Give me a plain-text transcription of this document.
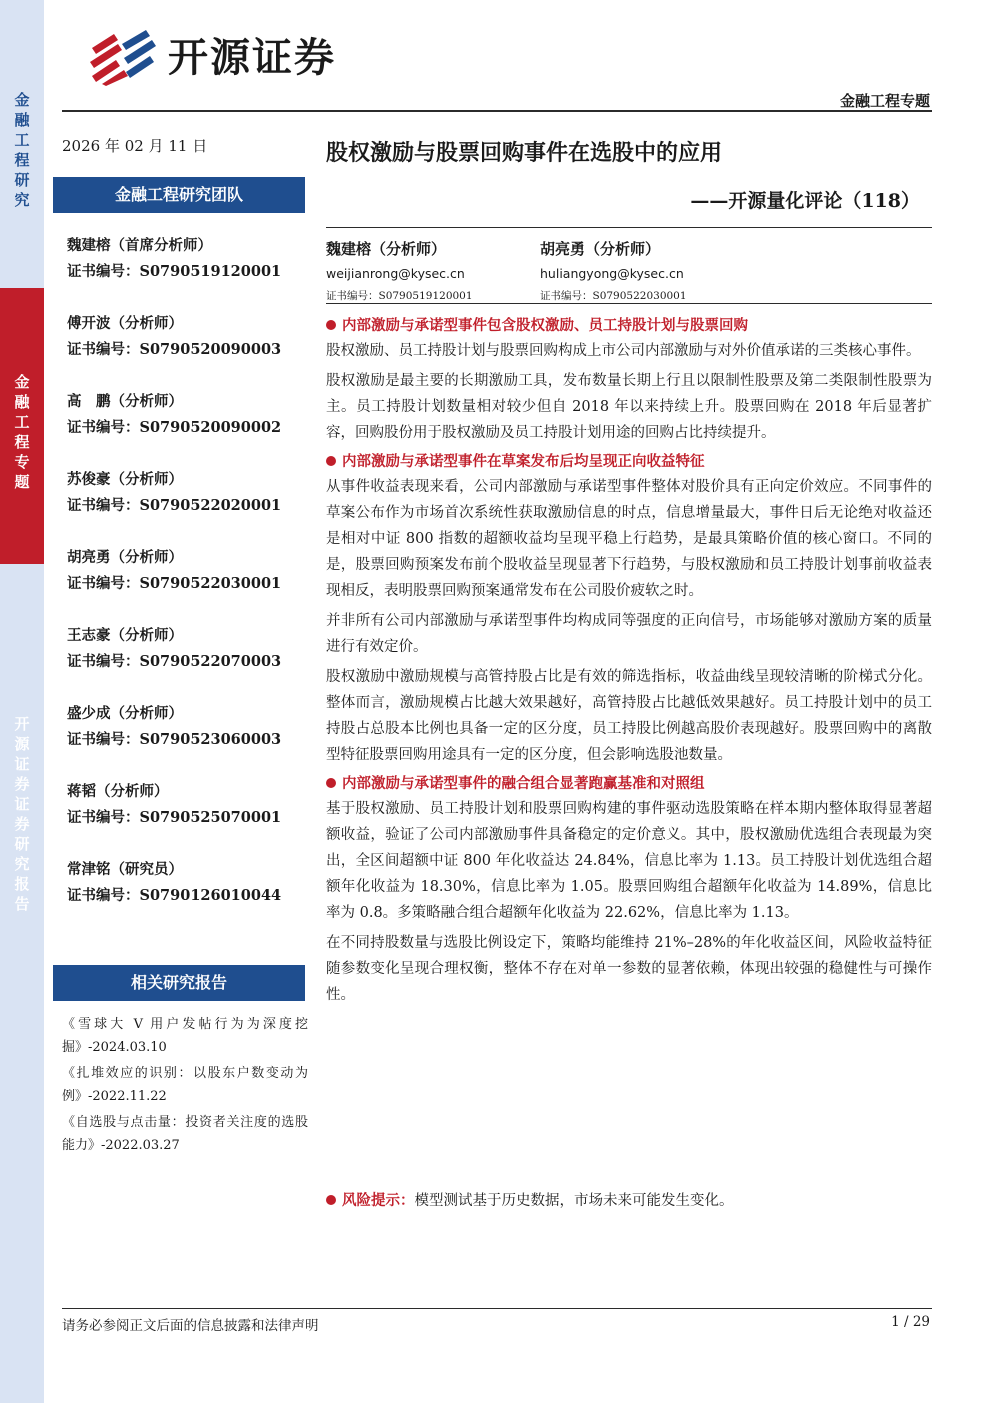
金融工程研究
金融工程专题
开源证券 证券研究报告
开源证券
金融工程专题
2026 年 02 月 11 日
金融工程研究团队
魏建榕（首席分析师）
证书编号：S0790519120001
傅开波（分析师）
证书编号：S0790520090003
高　鹏（分析师）
证书编号：S0790520090002
苏俊豪（分析师）
证书编号：S0790522020001
胡亮勇（分析师）
证书编号：S0790522030001
王志豪（分析师）
证书编号：S0790522070003
盛少成（分析师）
证书编号：S0790523060003
蒋韬（分析师）
证书编号：S0790525070001
常津铭（研究员）
证书编号：S0790126010044
相关研究报告
《雪球大 V 用户发帖行为为深度挖掘》-2024.03.10
《扎堆效应的识别：以股东户数变动为例》-2022.11.22
《自选股与点击量：投资者关注度的选股能力》-2022.03.27
股权激励与股票回购事件在选股中的应用
——开源量化评论（118）
魏建榕（分析师）
weijianrong@kysec.cn
证书编号：S0790519120001
胡亮勇（分析师）
huliangyong@kysec.cn
证书编号：S0790522030001
内部激励与承诺型事件包含股权激励、员工持股计划与股票回购

股权激励、员工持股计划与股票回购构成上市公司内部激励与对外价值承诺的三类核心事件。

股权激励是最主要的长期激励工具，发布数量长期上行且以限制性股票及第二类限制性股票为主。员工持股计划数量相对较少但自 2018 年以来持续上升。股票回购在 2018 年后显著扩容，回购股份用于股权激励及员工持股计划用途的回购占比持续提升。

内部激励与承诺型事件在草案发布后均呈现正向收益特征

从事件收益表现来看，公司内部激励与承诺型事件整体对股价具有正向定价效应。不同事件的草案公布作为市场首次系统性获取激励信息的时点，信息增量最大，事件日后无论绝对收益还是相对中证 800 指数的超额收益均呈现平稳上行趋势，是最具策略价值的核心窗口。不同的是，股票回购预案发布前个股收益呈现显著下行趋势，与股权激励和员工持股计划事前收益表现相反，表明股票回购预案通常发布在公司股价疲软之时。

并非所有公司内部激励与承诺型事件均构成同等强度的正向信号，市场能够对激励方案的质量进行有效定价。

股权激励中激励规模与高管持股占比是有效的筛选指标，收益曲线呈现较清晰的阶梯式分化。整体而言，激励规模占比越大效果越好，高管持股占比越低效果越好。员工持股计划中的员工持股占总股本比例也具备一定的区分度，员工持股比例越高股价表现越好。股票回购中的离散型特征股票回购用途具有一定的区分度，但会影响选股池数量。

内部激励与承诺型事件的融合组合显著跑赢基准和对照组

基于股权激励、员工持股计划和股票回购构建的事件驱动选股策略在样本期内整体取得显著超额收益，验证了公司内部激励事件具备稳定的定价意义。其中，股权激励优选组合表现最为突出，全区间超额中证 800 年化收益达 24.84%，信息比率为 1.13。员工持股计划优选组合超额年化收益为 18.30%，信息比率为 1.05。股票回购组合超额年化收益为 14.89%，信息比率为 0.8。多策略融合组合超额年化收益为 22.62%，信息比率为 1.13。

在不同持股数量与选股比例设定下，策略均能维持 21%–28%的年化收益区间，风险收益特征随参数变化呈现合理权衡，整体不存在对单一参数的显著依赖，体现出较强的稳健性与可操作性。

风险提示：模型测试基于历史数据，市场未来可能发生变化。
请务必参阅正文后面的信息披露和法律声明	1 / 29
